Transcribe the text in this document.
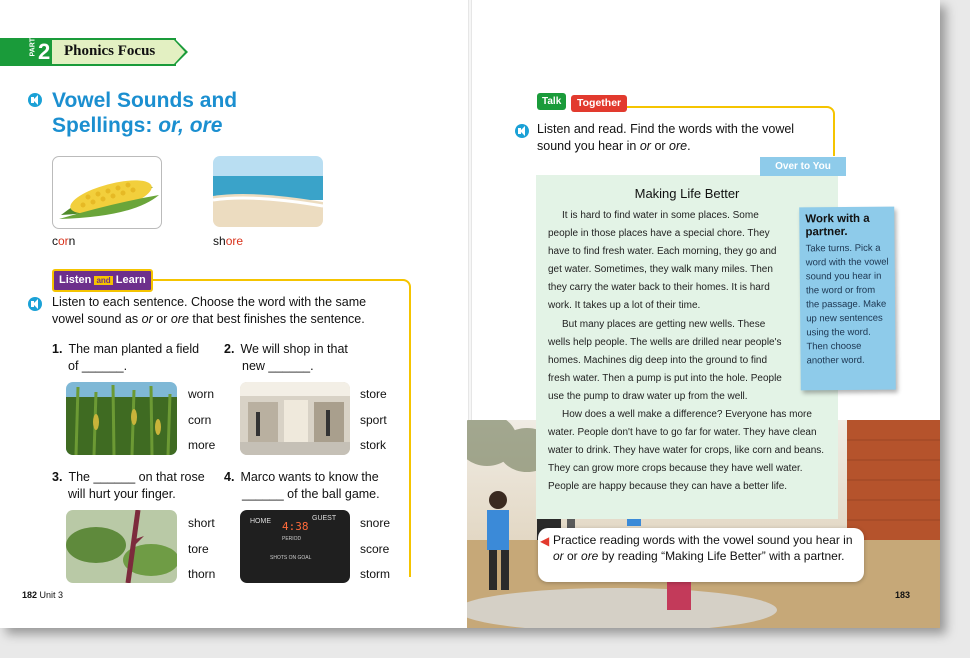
PART 2 Phonics Focus
Vowel Sounds and
Spellings: or, ore
corn	shore
Listen and Learn
Listen to each sentence. Choose the word with the same
vowel sound as or or ore that best finishes the sentence.
1. The man planted a field
of ______.
worn
corn
more
2. We will shop in that
new ______.
store
sport
stork
3. The ______ on that rose
will hurt your finger.
short
tore
thorn
4. Marco wants to know the
______ of the ball game.
HOME	GUEST
4:38
PERIOD
SHOTS ON GOAL
snore
score
storm
182 Unit 3
Talk	Together
Listen and read. Find the words with the vowel
sound you hear in or or ore.
Making Life Better
It is hard to find water in some places. Some people in those places have a special chore. They have to find fresh water. Each morning, they go and get water. Sometimes, they walk many miles. Then they carry the water back to their homes. It is hard work. It takes up a lot of their time.
But many places are getting new wells. These wells help people. The wells are drilled near people's homes. Machines dig deep into the ground to find fresh water. Then a pump is put into the hole. People use the pump to draw water up from the well.
How does a well make a difference? Everyone has more water. People don't have to go far for water. They have clean water to drink. They have water for crops, like corn and beans. They can grow more crops because they have well water. People are happy because they can have a better life.
Over to You
Work with a partner.
Take turns. Pick a word with the vowel sound you hear in the word or from the passage. Make up new sentences using the word. Then choose another word.
◀ Practice reading words with the vowel sound you hear in or or ore by reading “Making Life Better” with a partner.
183
